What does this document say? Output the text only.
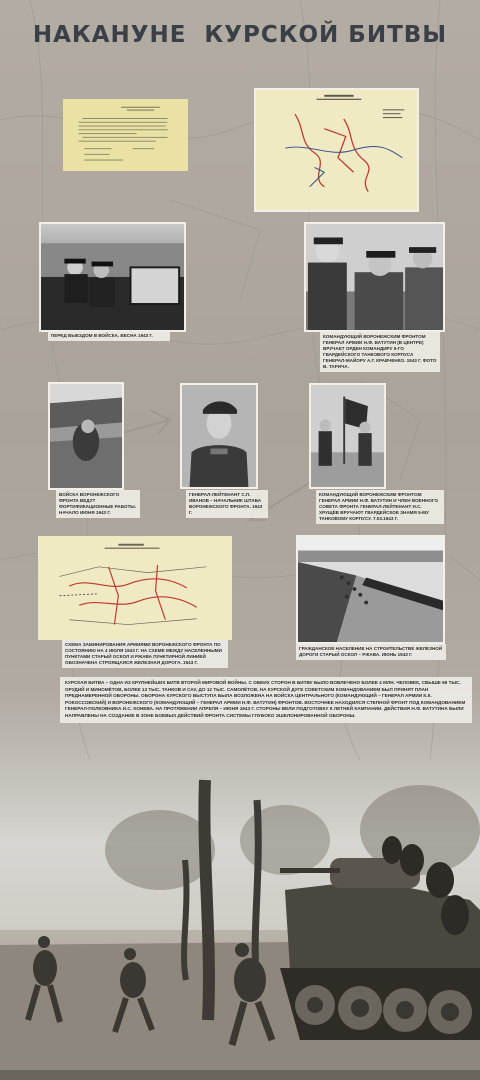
НАКАНУНЕ  КУРСКОЙ БИТВЫ
ПЕРЕД ВЫЕЗДОМ В ВОЙСКА. ВЕСНА 1943 Г.	КОМАНДУЮЩИЙ ВОРОНЕЖСКИМ ФРОНТОМ ГЕНЕРАЛ АРМИИ Н.Ф. ВАТУТИН (В ЦЕНТРЕ) ВРУЧАЕТ ОРДЕН КОМАНДИРУ 5-ГО ГВАРДЕЙСКОГО ТАНКОВОГО КОРПУСА ГЕНЕРАЛ-МАЙОРУ А.Г. КРАВЧЕНКО. 1943 Г. ФОТО В. ТАРИЧА.
ВОЙСКА ВОРОНЕЖСКОГО ФРОНТА ВЕДУТ ФОРТИФИКАЦИОННЫЕ РАБОТЫ. НАЧАЛО ИЮНЯ 1943 Г.
ГЕНЕРАЛ-ЛЕЙТЕНАНТ С.П. ИВАНОВ – НАЧАЛЬНИК ШТАБА ВОРОНЕЖСКОГО ФРОНТА. 1943 Г.
КОМАНДУЮЩИЙ ВОРОНЕЖСКИМ ФРОНТОМ ГЕНЕРАЛ АРМИИ Н.Ф. ВАТУТИН И ЧЛЕН ВОЕННОГО СОВЕТА ФРОНТА ГЕНЕРАЛ-ЛЕЙТЕНАНТ Н.С. ХРУЩЁВ ВРУЧАЮТ ГВАРДЕЙСКОЕ ЗНАМЯ 5-МУ ТАНКОВОМУ КОРПУСУ. 7.03.1943 Г.
СХЕМА ЗАМИНИРОВАНИЯ АРМИЯМИ ВОРОНЕЖСКОГО ФРОНТА ПО СОСТОЯНИЮ НА 4 ИЮЛЯ 1943 Г. НА СХЕМЕ МЕЖДУ НАСЕЛЕННЫМИ ПУНКТАМИ СТАРЫЙ ОСКОЛ И РЖАВА ПУНКТИРНОЙ ЛИНИЕЙ ОБОЗНАЧЕНА СТРОЯЩАЯСЯ ЖЕЛЕЗНАЯ ДОРОГА. 1943 Г.
ГРАЖДАНСКОЕ НАСЕЛЕНИЕ НА СТРОИТЕЛЬСТВЕ ЖЕЛЕЗНОЙ ДОРОГИ СТАРЫЙ ОСКОЛ – РЖАВА. ИЮНЬ 1943 Г.
КУРСКАЯ БИТВА – ОДНА ИЗ КРУПНЕЙШИХ БИТВ ВТОРОЙ МИРОВОЙ ВОЙНЫ. С ОБЕИХ СТОРОН В БИТВУ БЫЛО ВОВЛЕЧЕНО БОЛЕЕ 4 МЛН. ЧЕЛОВЕК, СВЫШЕ 69 ТЫС. ОРУДИЙ И МИНОМЁТОВ, БОЛЕЕ 13 ТЫС. ТАНКОВ И САУ, ДО 12 ТЫС. САМОЛЁТОВ. НА КУРСКОЙ ДУГЕ СОВЕТСКИМ КОМАНДОВАНИЕМ БЫЛ ПРИНЯТ ПЛАН ПРЕДНАМЕРЕННОЙ ОБОРОНЫ. ОБОРОНА КУРСКОГО ВЫСТУПА БЫЛА ВОЗЛОЖЕНА НА ВОЙСКА ЦЕНТРАЛЬНОГО (КОМАНДУЮЩИЙ – ГЕНЕРАЛ АРМИИ К.К. РОКОССОВСКИЙ) И ВОРОНЕЖСКОГО (КОМАНДУЮЩИЙ – ГЕНЕРАЛ АРМИИ Н.Ф. ВАТУТИН) ФРОНТОВ. ВОСТОЧНЕЕ НАХОДИЛСЯ СТЕПНОЙ ФРОНТ ПОД КОМАНДОВАНИЕМ ГЕНЕРАЛ-ПОЛКОВНИКА И.С. КОНЕВА. НА ПРОТЯЖЕНИИ АПРЕЛЯ – ИЮНЯ 1943 Г. СТОРОНЫ ВЕЛИ ПОДГОТОВКУ К ЛЕТНЕЙ КАМПАНИИ. ДЕЙСТВИЯ Н.Ф. ВАТУТИНА БЫЛИ НАПРАВЛЕНЫ НА СОЗДАНИЕ В ЗОНЕ БОЕВЫХ ДЕЙСТВИЙ ФРОНТА СИСТЕМЫ ГЛУБОКО ЭШЕЛОНИРОВАННОЙ ОБОРОНЫ.
